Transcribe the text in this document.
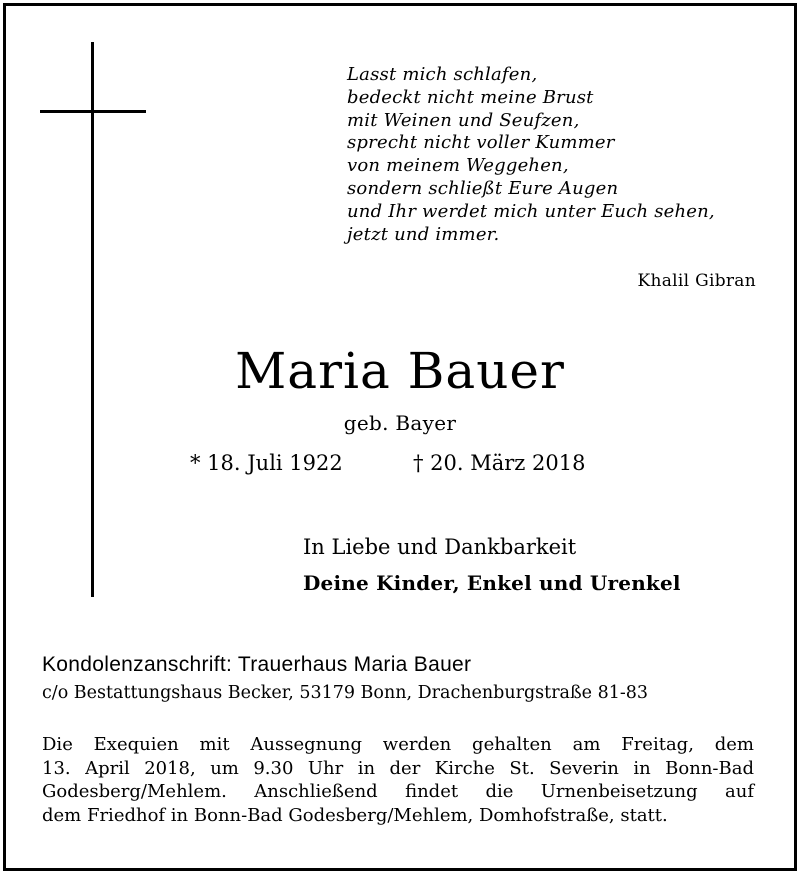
Lasst mich schlafen,
bedeckt nicht meine Brust
mit Weinen und Seufzen,
sprecht nicht voller Kummer
von meinem Weggehen,
sondern schließt Eure Augen
und Ihr werdet mich unter Euch sehen,
jetzt und immer.
Khalil Gibran
Maria Bauer
geb. Bayer
* 18. Juli 1922	† 20. März 2018
In Liebe und Dankbarkeit
Deine Kinder, Enkel und Urenkel
Kondolenzanschrift: Trauerhaus Maria Bauer
c/o Bestattungshaus Becker, 53179 Bonn, Drachenburgstraße 81-83
Die Exequien mit Aussegnung werden gehalten am Freitag, dem
13. April 2018, um 9.30 Uhr in der Kirche St. Severin in Bonn-Bad
Godesberg/Mehlem. Anschließend findet die Urnenbeisetzung auf
dem Friedhof in Bonn-Bad Godesberg/Mehlem, Domhofstraße, statt.
